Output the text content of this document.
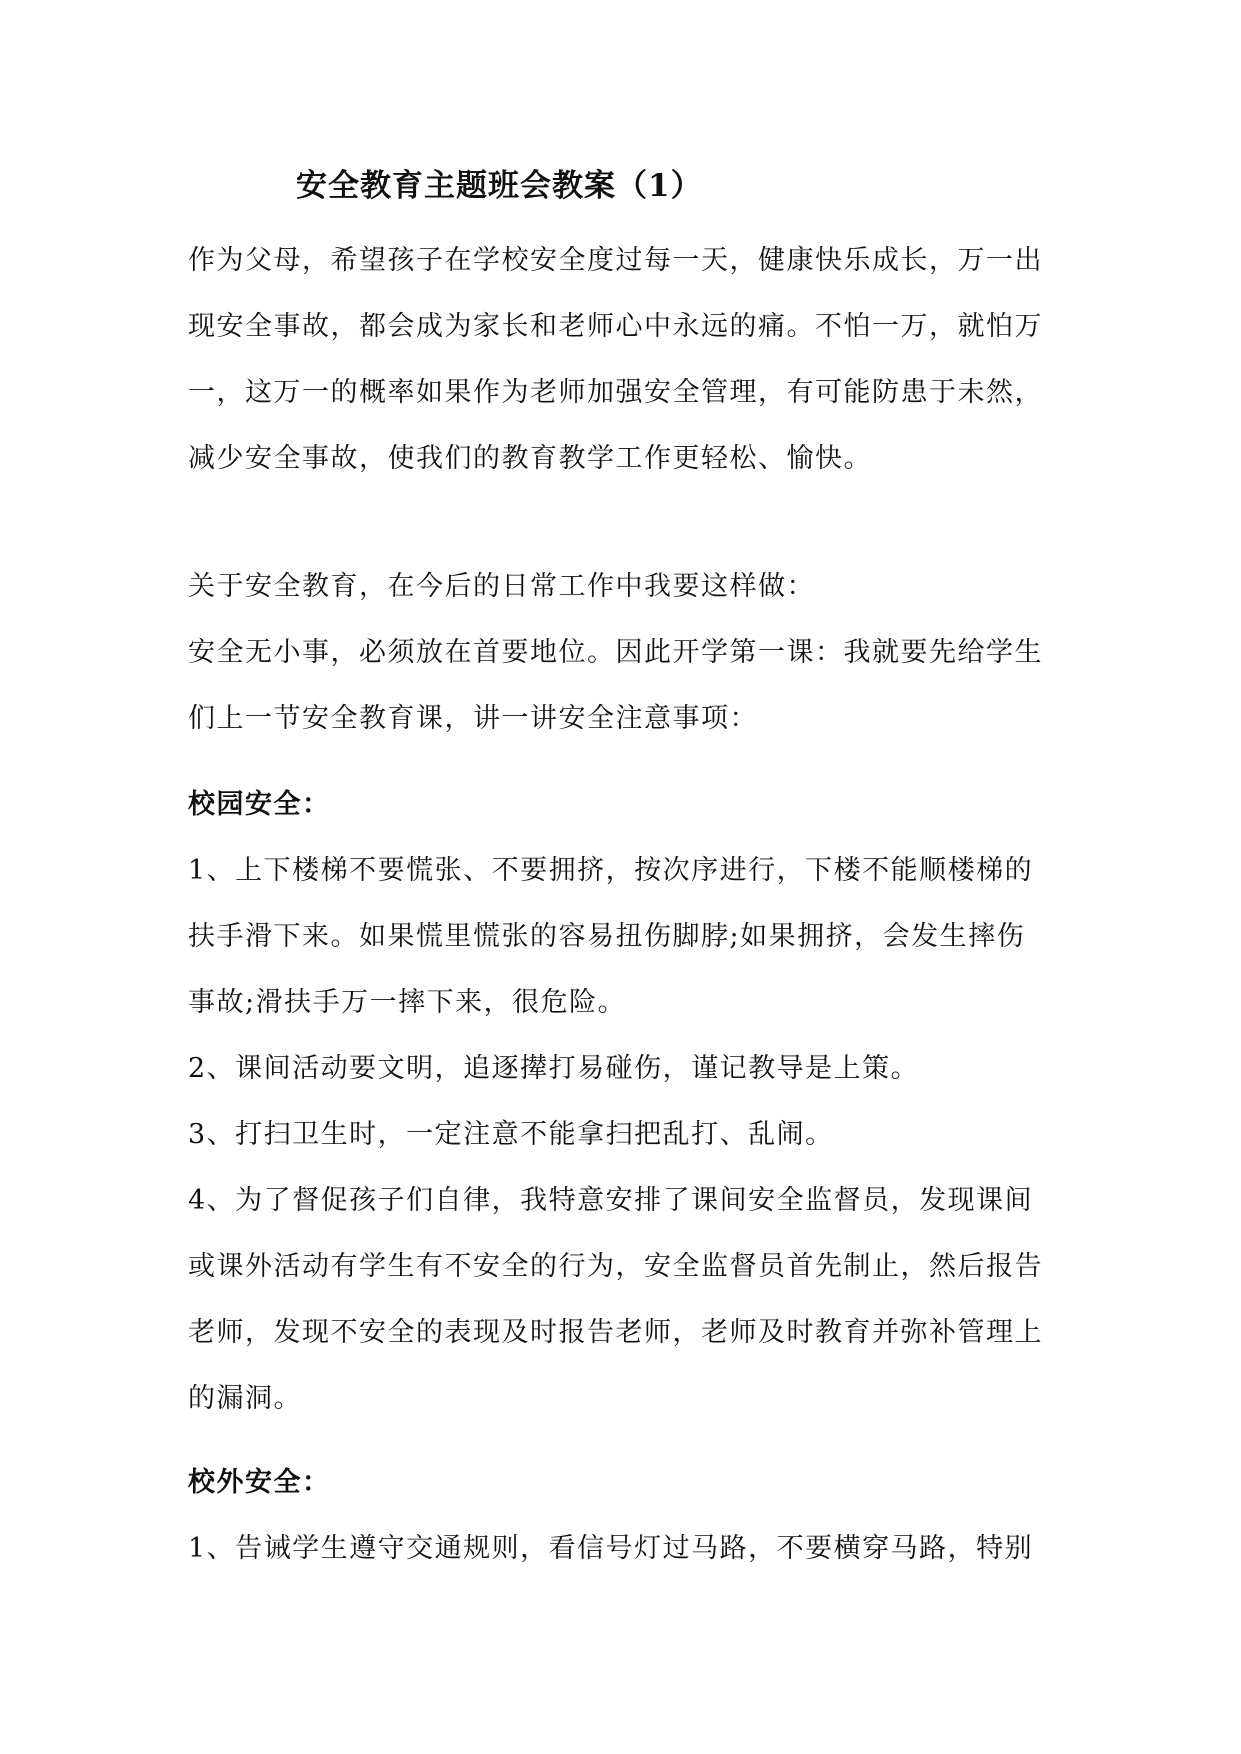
安全教育主题班会教案（1）
作为父母，希望孩子在学校安全度过每一天，健康快乐成长，万一出
现安全事故，都会成为家长和老师心中永远的痛。不怕一万，就怕万
一，这万一的概率如果作为老师加强安全管理，有可能防患于未然，
减少安全事故，使我们的教育教学工作更轻松、愉快。
关于安全教育，在今后的日常工作中我要这样做：
安全无小事，必须放在首要地位。因此开学第一课：我就要先给学生
们上一节安全教育课，讲一讲安全注意事项：
校园安全：
1、上下楼梯不要慌张、不要拥挤，按次序进行，下楼不能顺楼梯的
扶手滑下来。如果慌里慌张的容易扭伤脚脖;如果拥挤，会发生摔伤
事故;滑扶手万一摔下来，很危险。
2、课间活动要文明，追逐撵打易碰伤，谨记教导是上策。
3、打扫卫生时，一定注意不能拿扫把乱打、乱闹。
4、为了督促孩子们自律，我特意安排了课间安全监督员，发现课间
或课外活动有学生有不安全的行为，安全监督员首先制止，然后报告
老师，发现不安全的表现及时报告老师，老师及时教育并弥补管理上
的漏洞。
校外安全：
1、告诫学生遵守交通规则，看信号灯过马路，不要横穿马路，特别
